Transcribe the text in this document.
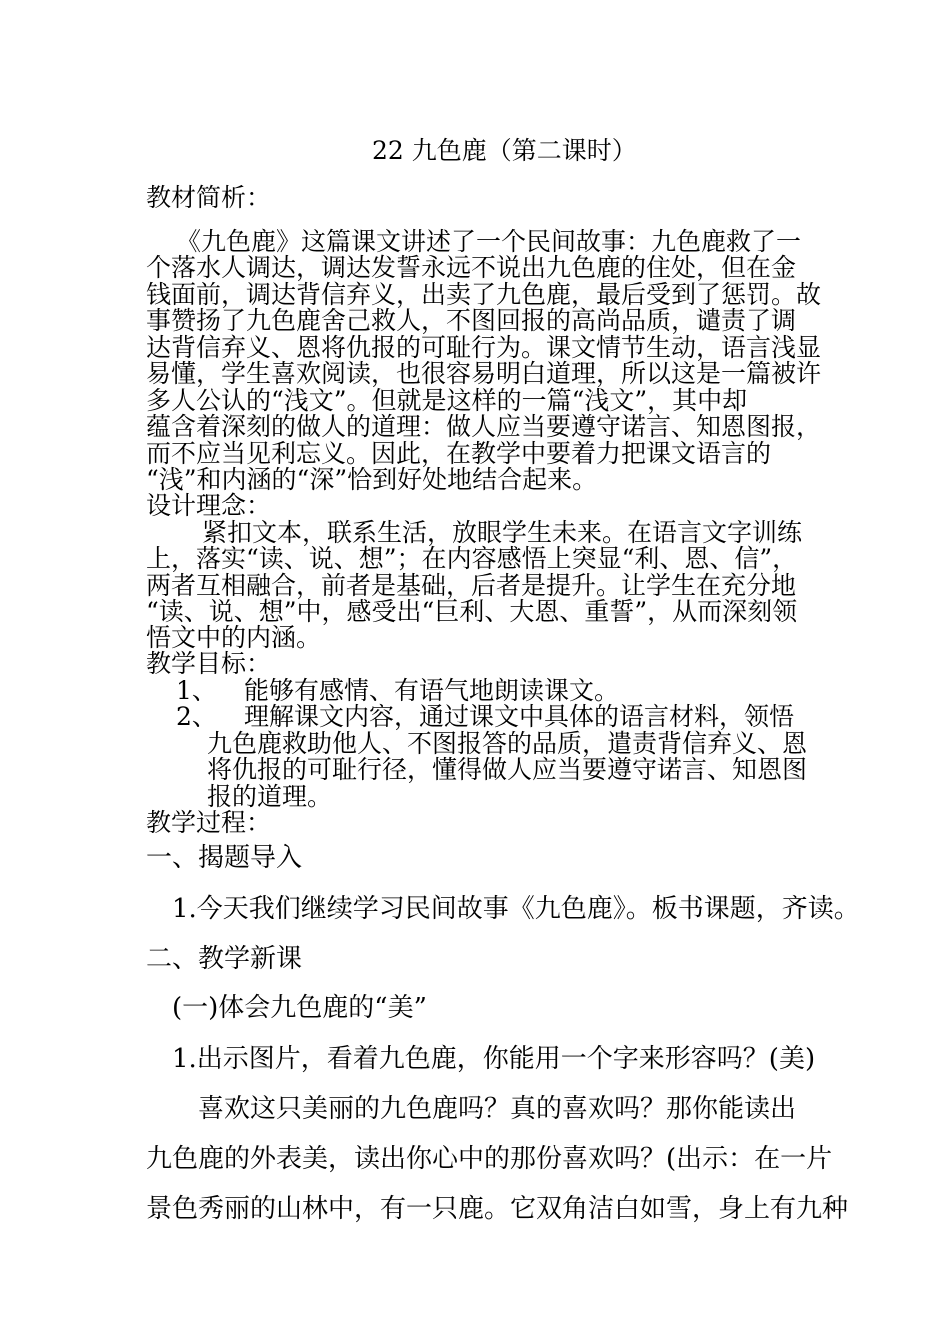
22 九色鹿（第二课时）
教材简析：
《九色鹿》这篇课文讲述了一个民间故事：九色鹿救了一
个落水人调达，调达发誓永远不说出九色鹿的住处，但在金
钱面前，调达背信弃义，出卖了九色鹿，最后受到了惩罚。故
事赞扬了九色鹿舍己救人，不图回报的高尚品质，谴责了调
达背信弃义、恩将仇报的可耻行为。课文情节生动，语言浅显
易懂，学生喜欢阅读，也很容易明白道理，所以这是一篇被许
多人公认的“浅文”。但就是这样的一篇“浅文”，其中却
蕴含着深刻的做人的道理：做人应当要遵守诺言、知恩图报，
而不应当见利忘义。因此，在教学中要着力把课文语言的
“浅”和内涵的“深”恰到好处地结合起来。
设计理念：
紧扣文本，联系生活，放眼学生未来。在语言文字训练
上，落实“读、说、想”；在内容感悟上突显“利、恩、信”，
两者互相融合，前者是基础，后者是提升。让学生在充分地
“读、说、想”中，感受出“巨利、大恩、重誓”，从而深刻领
悟文中的内涵。
教学目标：
1、 能够有感情、有语气地朗读课文。
2、 理解课文内容，通过课文中具体的语言材料，领悟
九色鹿救助他人、不图报答的品质，遣责背信弃义、恩
将仇报的可耻行径，懂得做人应当要遵守诺言、知恩图
报的道理。
教学过程：
一、揭题导入
1.今天我们继续学习民间故事《九色鹿》。板书课题，齐读。
二、教学新课
(一)体会九色鹿的“美”
1.出示图片，看着九色鹿，你能用一个字来形容吗？(美)
喜欢这只美丽的九色鹿吗？真的喜欢吗？那你能读出
九色鹿的外表美，读出你心中的那份喜欢吗？(出示：在一片
景色秀丽的山林中，有一只鹿。它双角洁白如雪，身上有九种
